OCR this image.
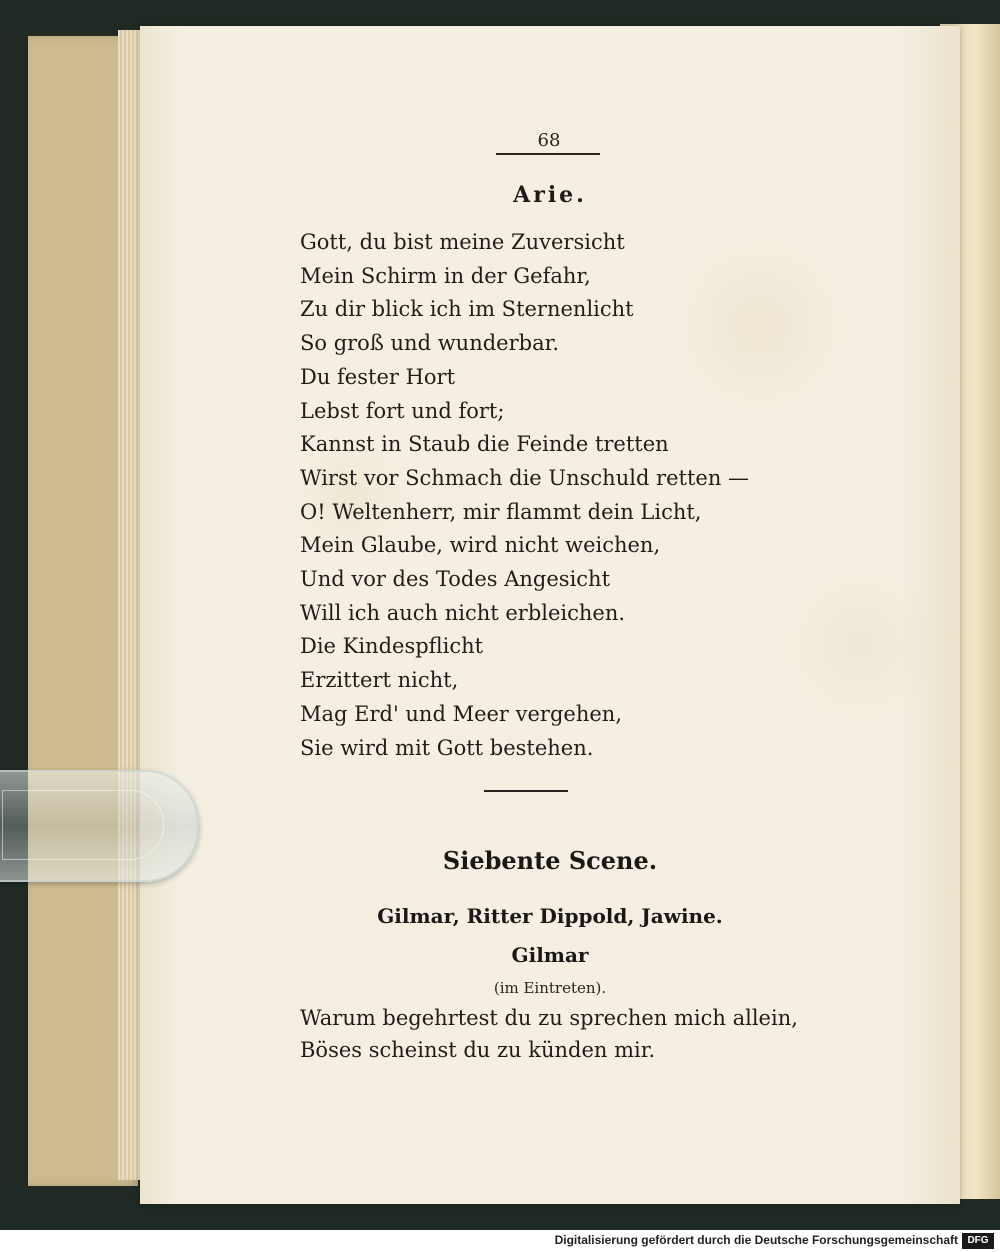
68
Arie.
Gott, du bist meine Zuversicht
Mein Schirm in der Gefahr,
Zu dir blick ich im Sternenlicht
So groß und wunderbar.
Du fester Hort
Lebst fort und fort;
Kannst in Staub die Feinde tretten
Wirst vor Schmach die Unschuld retten —
O! Weltenherr, mir flammt dein Licht,
Mein Glaube, wird nicht weichen,
Und vor des Todes Angesicht
Will ich auch nicht erbleichen.
Die Kindespflicht
Erzittert nicht,
Mag Erd' und Meer vergehen,
Sie wird mit Gott bestehen.
Siebente Scene.
Gilmar, Ritter Dippold, Jawine.
Gilmar
(im Eintreten).
Warum begehrtest du zu sprechen mich allein,
Böses scheinst du zu künden mir.
Digitalisierung gefördert durch die Deutsche Forschungsgemeinschaft DFG
